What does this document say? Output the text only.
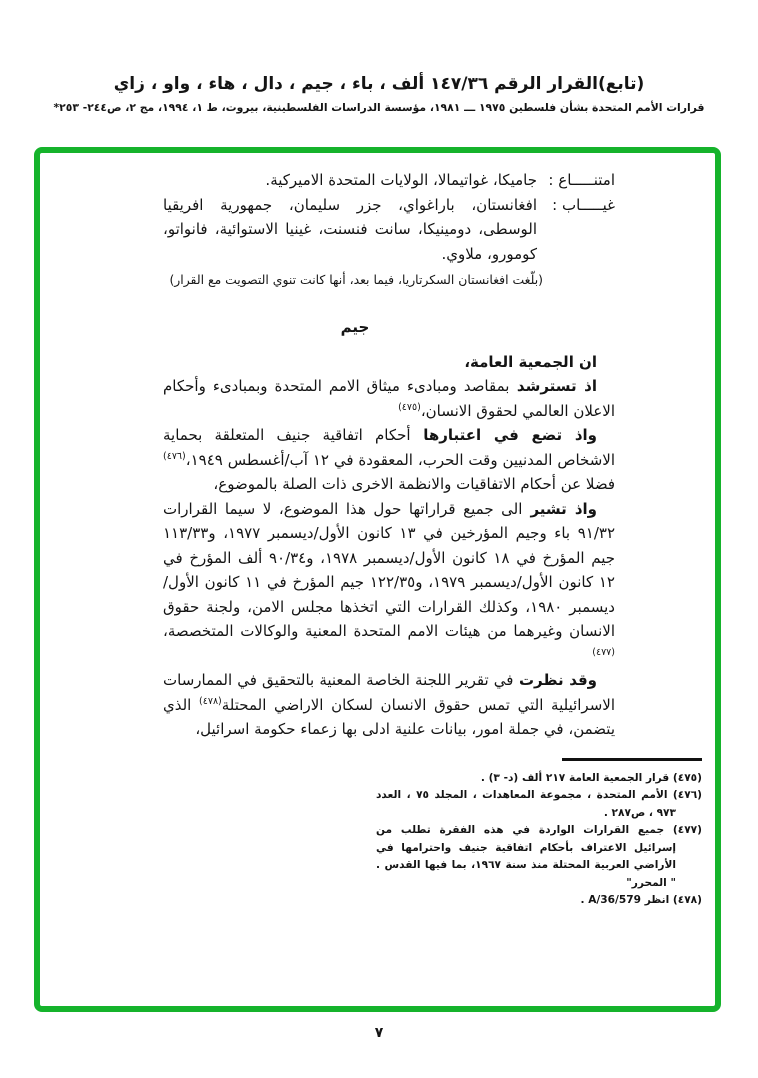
(تابع)القرار الرقم ١٤٧/٣٦ ألف ، باء ، جيم ، دال ، هاء ، واو ، زاي
قرارات الأمم المتحدة بشأن فلسطين ١٩٧٥ ـــ ١٩٨١، مؤسسة الدراسات الفلسطينية، بيروت، ط ١، ١٩٩٤، مج ٢، ص٢٤٤- ٢٥٣*
امتنـــــاع :
جاميكا، غواتيمالا، الولايات المتحدة الاميركية.
غيـــــاب :
افغانستان، باراغواي، جزر سليمان، جمهورية افريقيا الوسطى، دومينيكا، سانت فنسنت، غينيا الاستوائية، فانواتو، كومورو، ملاوي.
(بلّغت افغانستان السكرتاريا، فيما بعد، أنها كانت تنوي التصويت مع القرار)
جيم

ان الجمعية العامة،

اذ تسترشد بمقاصد ومبادىء ميثاق الامم المتحدة وبمبادىء وأحكام الاعلان العالمي لحقوق الانسان،$^{(٤٧٥)}$

واذ تضع في اعتبارها أحكام اتفاقية جنيف المتعلقة بحماية الاشخاص المدنيين وقت الحرب، المعقودة في ١٢ آب/أغسطس ١٩٤٩،$^{(٤٧٦)}$ فضلا عن أحكام الاتفاقيات والانظمة الاخرى ذات الصلة بالموضوع،

واذ تشير الى جميع قراراتها حول هذا الموضوع، لا سيما القرارات ٩١/٣٢ باء وجيم المؤرخين في ١٣ كانون الأول/ديسمبر ١٩٧٧، و١١٣/٣٣ جيم المؤرخ في ١٨ كانون الأول/ديسمبر ١٩٧٨، و٩٠/٣٤ ألف المؤرخ في ١٢ كانون الأول/ديسمبر ١٩٧٩، و١٢٢/٣٥ جيم المؤرخ في ١١ كانون الأول/ديسمبر ١٩٨٠، وكذلك القرارات التي اتخذها مجلس الامن، ولجنة حقوق الانسان وغيرهما من هيئات الامم المتحدة المعنية والوكالات المتخصصة،$^{(٤٧٧)}$

وقد نظرت في تقرير اللجنة الخاصة المعنية بالتحقيق في الممارسات الاسرائيلية التي تمس حقوق الانسان لسكان الاراضي المحتلة$^{(٤٧٨)}$ الذي يتضمن، في جملة امور، بيانات علنية ادلى بها زعماء حكومة اسرائيل،

(٤٧٥) قرار الجمعية العامة ٢١٧ ألف (د- ٣) .

(٤٧٦) الأمم المتحدة ، مجموعة المعاهدات ، المجلد ٧٥ ، العدد ٩٧٣ ، ص٢٨٧ .

(٤٧٧) جميع القرارات الواردة في هذه الفقرة تطلب من إسرائيل الاعتراف بأحكام اتفاقية جنيف واحترامها في الأراضي العربية المحتلة منذ سنة ١٩٦٧، بما فيها القدس . " المحرر"

(٤٧٨) انظر A/36/579 .

٧
